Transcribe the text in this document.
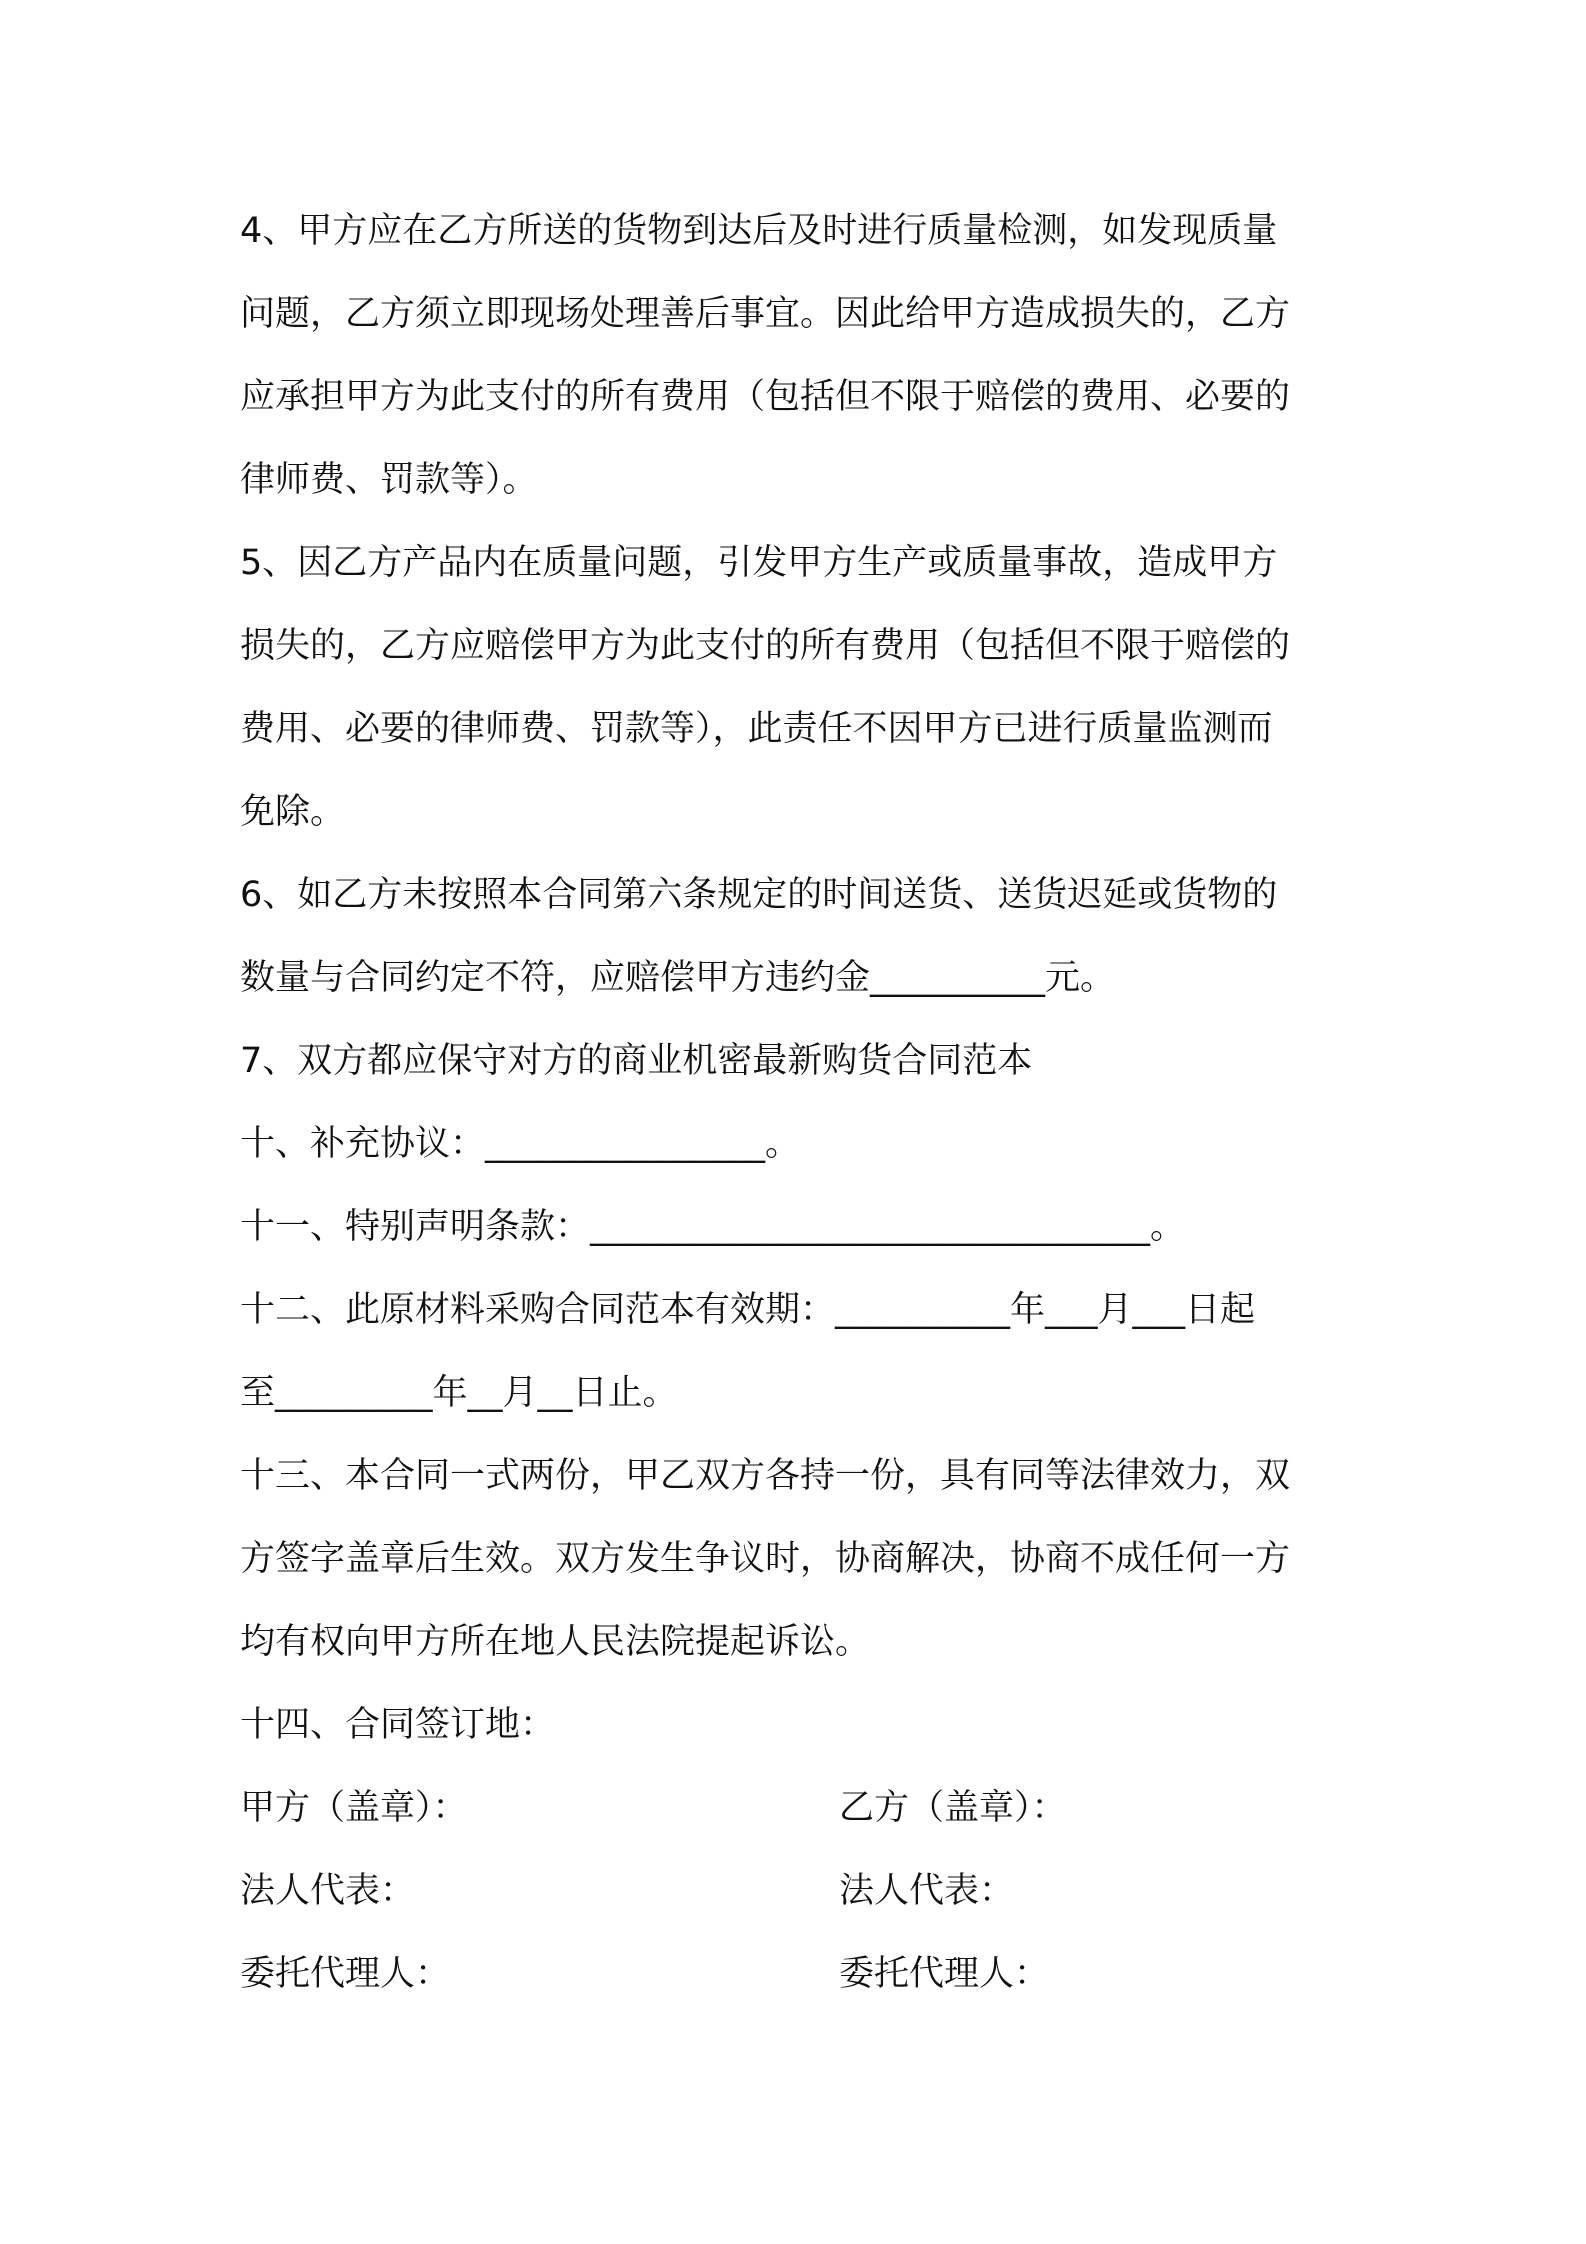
4、甲方应在乙方所送的货物到达后及时进行质量检测，如发现质量
问题，乙方须立即现场处理善后事宜。因此给甲方造成损失的，乙方
应承担甲方为此支付的所有费用（包括但不限于赔偿的费用、必要的
律师费、罚款等）。
5、因乙方产品内在质量问题，引发甲方生产或质量事故，造成甲方
损失的，乙方应赔偿甲方为此支付的所有费用（包括但不限于赔偿的
费用、必要的律师费、罚款等），此责任不因甲方已进行质量监测而
免除。
6、如乙方未按照本合同第六条规定的时间送货、送货迟延或货物的
数量与合同约定不符，应赔偿甲方违约金__________元。
7、双方都应保守对方的商业机密最新购货合同范本
十、补充协议：________________。
十一、特别声明条款：________________________________。
十二、此原材料采购合同范本有效期：__________年___月___日起
至_________年__月__日止。
十三、本合同一式两份，甲乙双方各持一份，具有同等法律效力，双
方签字盖章后生效。双方发生争议时，协商解决，协商不成任何一方
均有权向甲方所在地人民法院提起诉讼。
十四、合同签订地：
甲方（盖章）：	乙方（盖章）：
法人代表：	法人代表：
委托代理人：	委托代理人：
